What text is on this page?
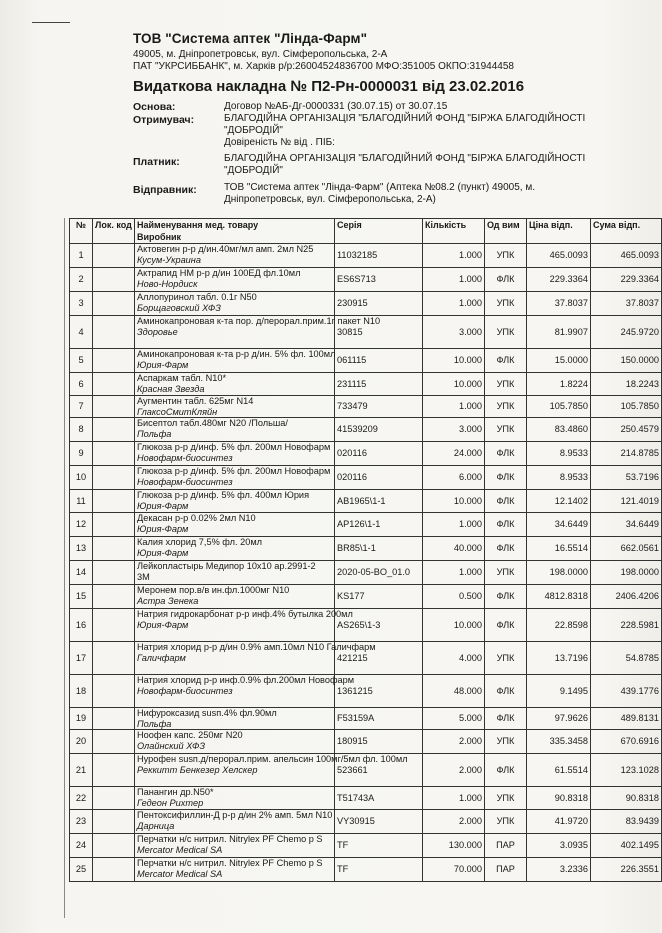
ТОВ "Система аптек "Лінда-Фарм"
49005, м. Дніпропетровськ, вул. Сімферопольська, 2-А
ПАТ "УКРСИББАНК", м. Харків р/р:26004524836700 МФО:351005 ОКПО:31944458
Видаткова накладна № П2-Рн-0000031 від 23.02.2016
Основа:	Договор №АБ-Дг-0000331 (30.07.15) от 30.07.15
Отримувач:	БЛАГОДІЙНА ОРГАНІЗАЦІЯ "БЛАГОДІЙНИЙ ФОНД "БІРЖА БЛАГОДІЙНОСТІ "ДОБРОДІЙ"
Довіреність № від . ПІБ:
Платник:	БЛАГОДІЙНА ОРГАНІЗАЦІЯ "БЛАГОДІЙНИЙ ФОНД "БІРЖА БЛАГОДІЙНОСТІ "ДОБРОДІЙ"
Відправник:	ТОВ "Система аптек "Лінда-Фарм" (Аптека №08.2 (пункт) 49005, м. Дніпропетровськ, вул. Сімферопольська, 2-А)
№	Лок. код	Найменування мед. товару
Виробник	Серія	Кількість	Од вим	Ціна відп.	Сума відп.
1		Актовегин р-р д/ин.40мг/мл амп. 2мл N25
Кусум-Украина	11032185	1.000	УПК	465.0093	465.0093
2		Актрапид НМ р-р д/ин 100ЕД фл.10мл
Ново-Нордиск	ES6S713	1.000	ФЛК	229.3364	229.3364
3		Аллопуринол табл. 0.1г N50
Борщаговский ХФЗ	230915	1.000	УПК	37.8037	37.8037
4		Аминокапроновая к-та пор. д/перорал.прим.1г пакет N10
Здоровье	30815	3.000	УПК	81.9907	245.9720
5		Аминокапроновая к-та р-р д/ин. 5% фл. 100мл
Юрия-Фарм	061115	10.000	ФЛК	15.0000	150.0000
6		Аспаркам табл. N10*
Красная Звезда	231115	10.000	УПК	1.8224	18.2243
7		Аугментин табл. 625мг N14
ГлаксоСмитКляйн	733479	1.000	УПК	105.7850	105.7850
8		Бисептол табл.480мг N20 /Польша/
Польфа	41539209	3.000	УПК	83.4860	250.4579
9		Глюкоза р-р д/инф. 5% фл. 200мл Новофарм
Новофарм-биосинтез	020116	24.000	ФЛК	8.9533	214.8785
10		Глюкоза р-р д/инф. 5% фл. 200мл Новофарм
Новофарм-биосинтез	020116	6.000	ФЛК	8.9533	53.7196
11		Глюкоза р-р д/инф. 5% фл. 400мл Юрия
Юрия-Фарм	AB1965\1-1	10.000	ФЛК	12.1402	121.4019
12		Декасан р-р 0.02% 2мл N10
Юрия-Фарм	AP126\1-1	1.000	ФЛК	34.6449	34.6449
13		Калия хлорид 7,5% фл. 20мл
Юрия-Фарм	BR85\1-1	40.000	ФЛК	16.5514	662.0561
14		Лейкопластырь Медипор 10х10 ар.2991-2
3М	2020-05-BO_01.0	1.000	УПК	198.0000	198.0000
15		Меронем пор.в/в ин.фл.1000мг N10
Астра Зенека	KS177	0.500	ФЛК	4812.8318	2406.4206
16		Натрия гидрокарбонат р-р инф.4% бутылка 200мл
Юрия-Фарм	AS265\1-3	10.000	ФЛК	22.8598	228.5981
17		Натрия хлорид р-р д/ин 0.9% амп.10мл N10 Галичфарм
Галичфарм	421215	4.000	УПК	13.7196	54.8785
18		Натрия хлорид р-р инф.0.9% фл.200мл Новофарм
Новофарм-биосинтез	1361215	48.000	ФЛК	9.1495	439.1776
19		Нифуроксазид susп.4% фл.90мл
Польфа	F53159A	5.000	ФЛК	97.9626	489.8131
20		Ноофен капс. 250мг N20
Олайнский ХФЗ	180915	2.000	УПК	335.3458	670.6916
21		Нурофен susп.д/перорал.прим. апельсин 100мг/5мл фл. 100мл
Реккитт Бенкезер Хелскер	523661	2.000	ФЛК	61.5514	123.1028
22		Панангин др.N50*
Гедеон Рихтер	T51743A	1.000	УПК	90.8318	90.8318
23		Пентоксифиллин-Д р-р д/ин 2% амп. 5мл N10
Дарница	VY30915	2.000	УПК	41.9720	83.9439
24		Перчатки н/с нитрил. Nitrylex PF Chemo p S
Mercator Medical SA	TF	130.000	ПАР	3.0935	402.1495
25		Перчатки н/с нитрил. Nitrylex PF Chemo p S
Mercator Medical SA	TF	70.000	ПАР	3.2336	226.3551
